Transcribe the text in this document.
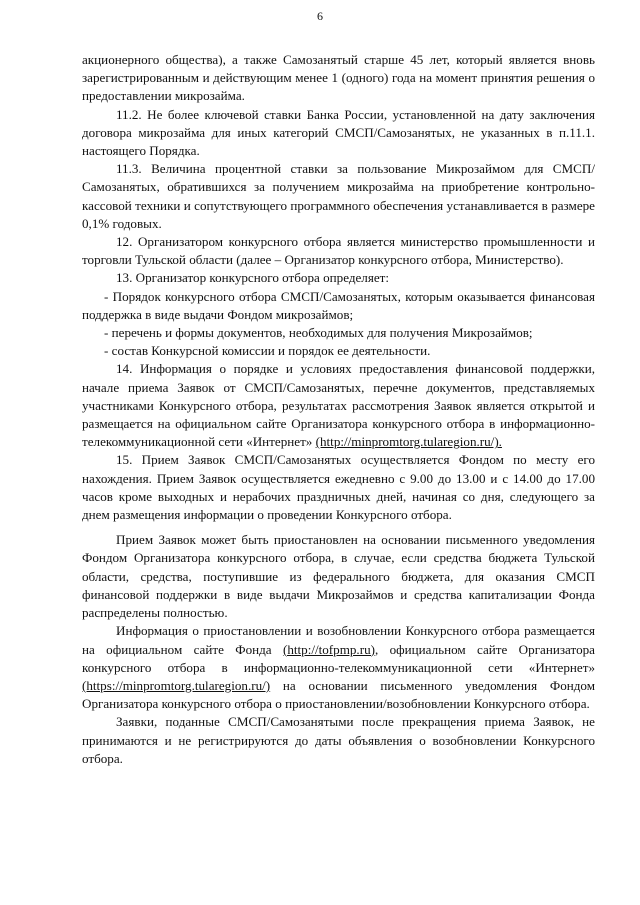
6

акционерного общества), а также Самозанятый старше 45 лет, который является вновь зарегистрированным и действующим менее 1 (одного) года на момент принятия решения о предоставлении микрозайма.

11.2. Не более ключевой ставки Банка России, установленной на дату заключения договора микрозайма для иных категорий СМСП/Самозанятых, не указанных в п.11.1. настоящего Порядка.

11.3. Величина процентной ставки за пользование Микрозаймом для СМСП/Самозанятых, обратившихся за получением микрозайма на приобретение контрольно-кассовой техники и сопутствующего программного обеспечения устанавливается в размере 0,1% годовых.

12. Организатором конкурсного отбора является министерство промышленности и торговли Тульской области (далее – Организатор конкурсного отбора, Министерство).

13. Организатор конкурсного отбора определяет:

- Порядок конкурсного отбора СМСП/Самозанятых, которым оказывается финансовая поддержка в виде выдачи Фондом микрозаймов;

- перечень и формы документов, необходимых для получения Микрозаймов;

- состав Конкурсной комиссии и порядок ее деятельности.

14. Информация о порядке и условиях предоставления финансовой поддержки, начале приема Заявок от СМСП/Самозанятых, перечне документов, представляемых участниками Конкурсного отбора, результатах рассмотрения Заявок является открытой и размещается на официальном сайте Организатора конкурсного отбора в информационно-телекоммуникационной сети «Интернет» (http://minpromtorg.tularegion.ru/).

15. Прием Заявок СМСП/Самозанятых осуществляется Фондом по месту его нахождения. Прием Заявок осуществляется ежедневно с 9.00 до 13.00 и с 14.00 до 17.00 часов кроме выходных и нерабочих праздничных дней, начиная со дня, следующего за днем размещения информации о проведении Конкурсного отбора.

Прием Заявок может быть приостановлен на основании письменного уведомления Фондом Организатора конкурсного отбора, в случае, если средства бюджета Тульской области, средства, поступившие из федерального бюджета, для оказания СМСП финансовой поддержки в виде выдачи Микрозаймов и средства капитализации Фонда распределены полностью.

Информация о приостановлении и возобновлении Конкурсного отбора размещается на официальном сайте Фонда (http://tofpmp.ru), официальном сайте Организатора конкурсного отбора в информационно-телекоммуникационной сети «Интернет» (https://minpromtorg.tularegion.ru/) на основании письменного уведомления Фондом Организатора конкурсного отбора о приостановлении/возобновлении Конкурсного отбора.

Заявки, поданные СМСП/Самозанятыми после прекращения приема Заявок, не принимаются и не регистрируются до даты объявления о возобновлении Конкурсного отбора.
